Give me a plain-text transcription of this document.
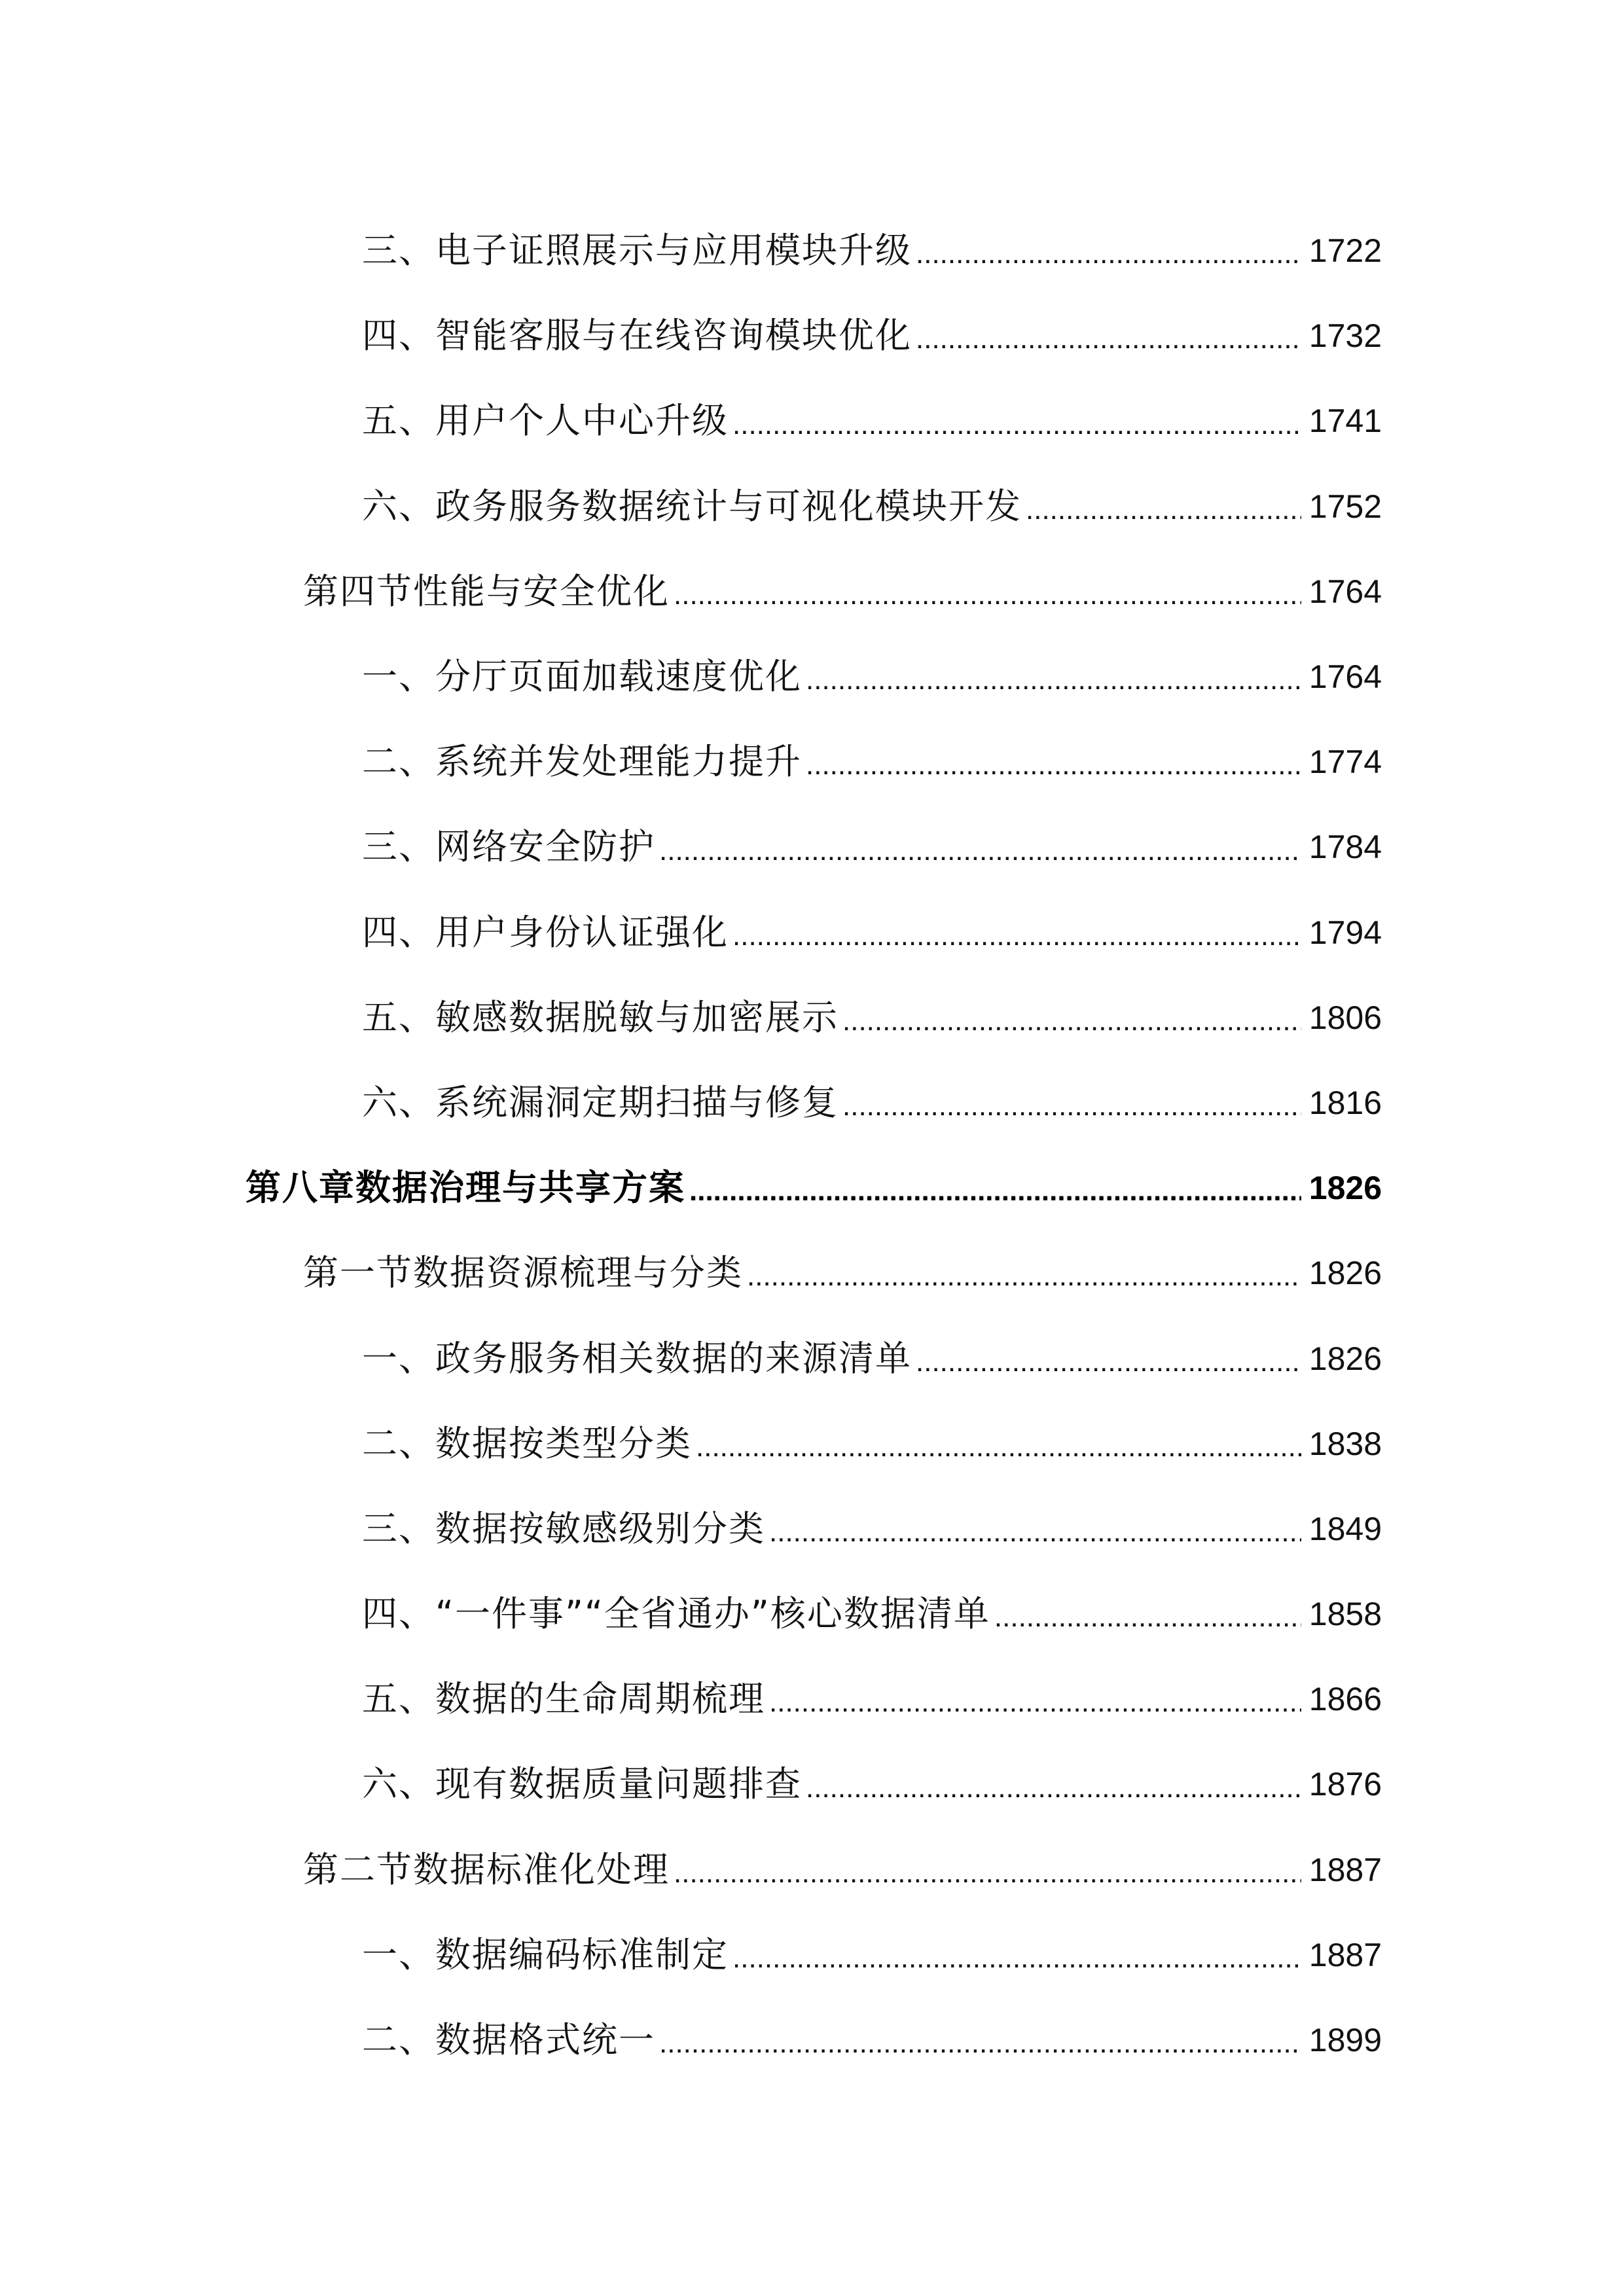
三、电子证照展示与应用模块升级 .....	1722
四、智能客服与在线咨询模块优化 .....	1732
五、用户个人中心升级 .....	1741
六、政务服务数据统计与可视化模块开发 .....	1752
第四节性能与安全优化 .....	1764
一、分厅页面加载速度优化 .....	1764
二、系统并发处理能力提升 .....	1774
三、网络安全防护 .....	1784
四、用户身份认证强化 .....	1794
五、敏感数据脱敏与加密展示 .....	1806
六、系统漏洞定期扫描与修复 .....	1816
第八章数据治理与共享方案 .....	1826
第一节数据资源梳理与分类 .....	1826
一、政务服务相关数据的来源清单 .....	1826
二、数据按类型分类 .....	1838
三、数据按敏感级别分类 .....	1849
四、“一件事”“全省通办”核心数据清单 .....	1858
五、数据的生命周期梳理 .....	1866
六、现有数据质量问题排查 .....	1876
第二节数据标准化处理 .....	1887
一、数据编码标准制定 .....	1887
二、数据格式统一 .....	1899
